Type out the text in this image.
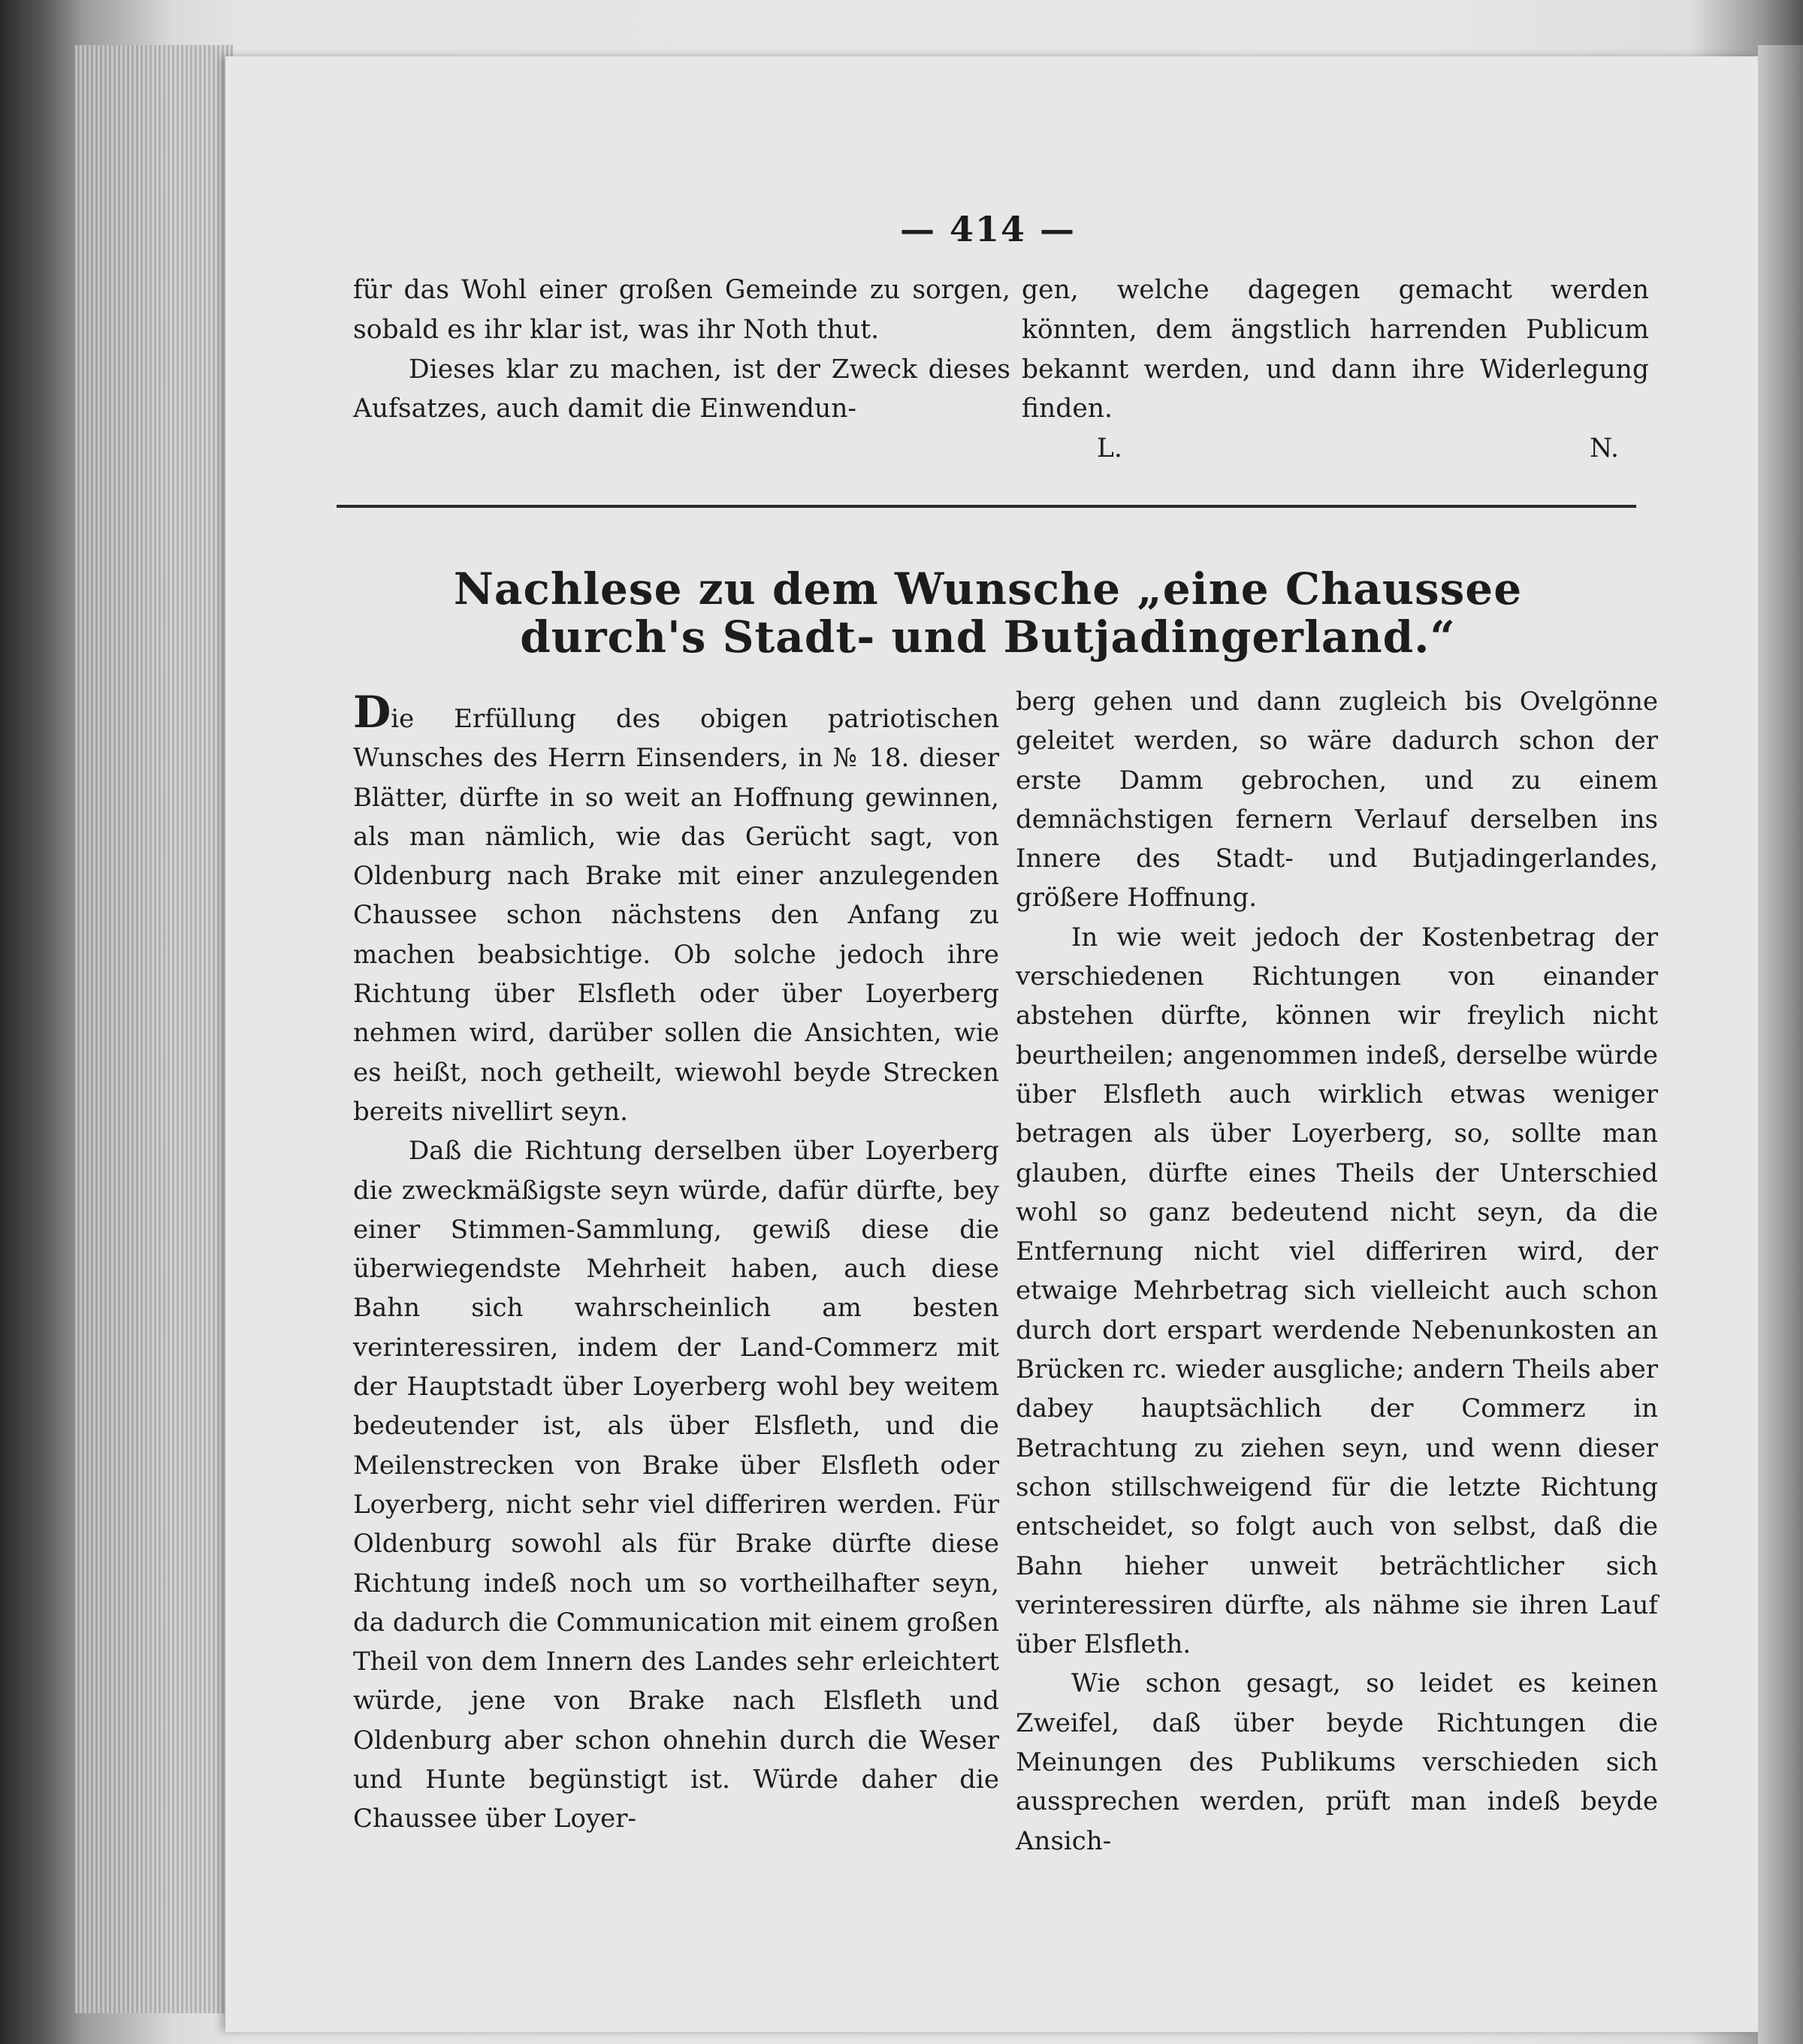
— 414 —

für das Wohl einer großen Gemeinde zu sorgen, sobald es ihr klar ist, was ihr Noth thut.

Dieses klar zu machen, ist der Zweck dieses Aufsatzes, auch damit die Einwendun-

gen, welche dagegen gemacht werden könnten, dem ängstlich harrenden Publicum bekannt werden, und dann ihre Widerlegung finden.

L.	N.
Nachlese zu dem Wunsche „eine Chaussee durch's Stadt- und Butjadingerland.“

Die Erfüllung des obigen patriotischen Wunsches des Herrn Einsenders, in № 18. dieser Blätter, dürfte in so weit an Hoffnung gewinnen, als man nämlich, wie das Gerücht sagt, von Oldenburg nach Brake mit einer anzulegenden Chaussee schon nächstens den Anfang zu machen beabsichtige. Ob solche jedoch ihre Richtung über Elsfleth oder über Loyerberg nehmen wird, darüber sollen die Ansichten, wie es heißt, noch getheilt, wiewohl beyde Strecken bereits nivellirt seyn.

Daß die Richtung derselben über Loyerberg die zweckmäßigste seyn würde, dafür dürfte, bey einer Stimmen-Sammlung, gewiß diese die überwiegendste Mehrheit haben, auch diese Bahn sich wahrscheinlich am besten verinteressiren, indem der Land-Commerz mit der Hauptstadt über Loyerberg wohl bey weitem bedeutender ist, als über Elsfleth, und die Meilenstrecken von Brake über Elsfleth oder Loyerberg, nicht sehr viel differiren werden. Für Oldenburg sowohl als für Brake dürfte diese Richtung indeß noch um so vortheilhafter seyn, da dadurch die Communication mit einem großen Theil von dem Innern des Landes sehr erleichtert würde, jene von Brake nach Elsfleth und Oldenburg aber schon ohnehin durch die Weser und Hunte begünstigt ist. Würde daher die Chaussee über Loyer-

berg gehen und dann zugleich bis Ovelgönne geleitet werden, so wäre dadurch schon der erste Damm gebrochen, und zu einem demnächstigen fernern Verlauf derselben ins Innere des Stadt- und Butjadingerlandes, größere Hoffnung.

In wie weit jedoch der Kostenbetrag der verschiedenen Richtungen von einander abstehen dürfte, können wir freylich nicht beurtheilen; angenommen indeß, derselbe würde über Elsfleth auch wirklich etwas weniger betragen als über Loyerberg, so, sollte man glauben, dürfte eines Theils der Unterschied wohl so ganz bedeutend nicht seyn, da die Entfernung nicht viel differiren wird, der etwaige Mehrbetrag sich vielleicht auch schon durch dort erspart werdende Nebenunkosten an Brücken rc. wieder ausgliche; andern Theils aber dabey hauptsächlich der Commerz in Betrachtung zu ziehen seyn, und wenn dieser schon stillschweigend für die letzte Richtung entscheidet, so folgt auch von selbst, daß die Bahn hieher unweit beträchtlicher sich verinteressiren dürfte, als nähme sie ihren Lauf über Elsfleth.

Wie schon gesagt, so leidet es keinen Zweifel, daß über beyde Richtungen die Meinungen des Publikums verschieden sich aussprechen werden, prüft man indeß beyde Ansich-
